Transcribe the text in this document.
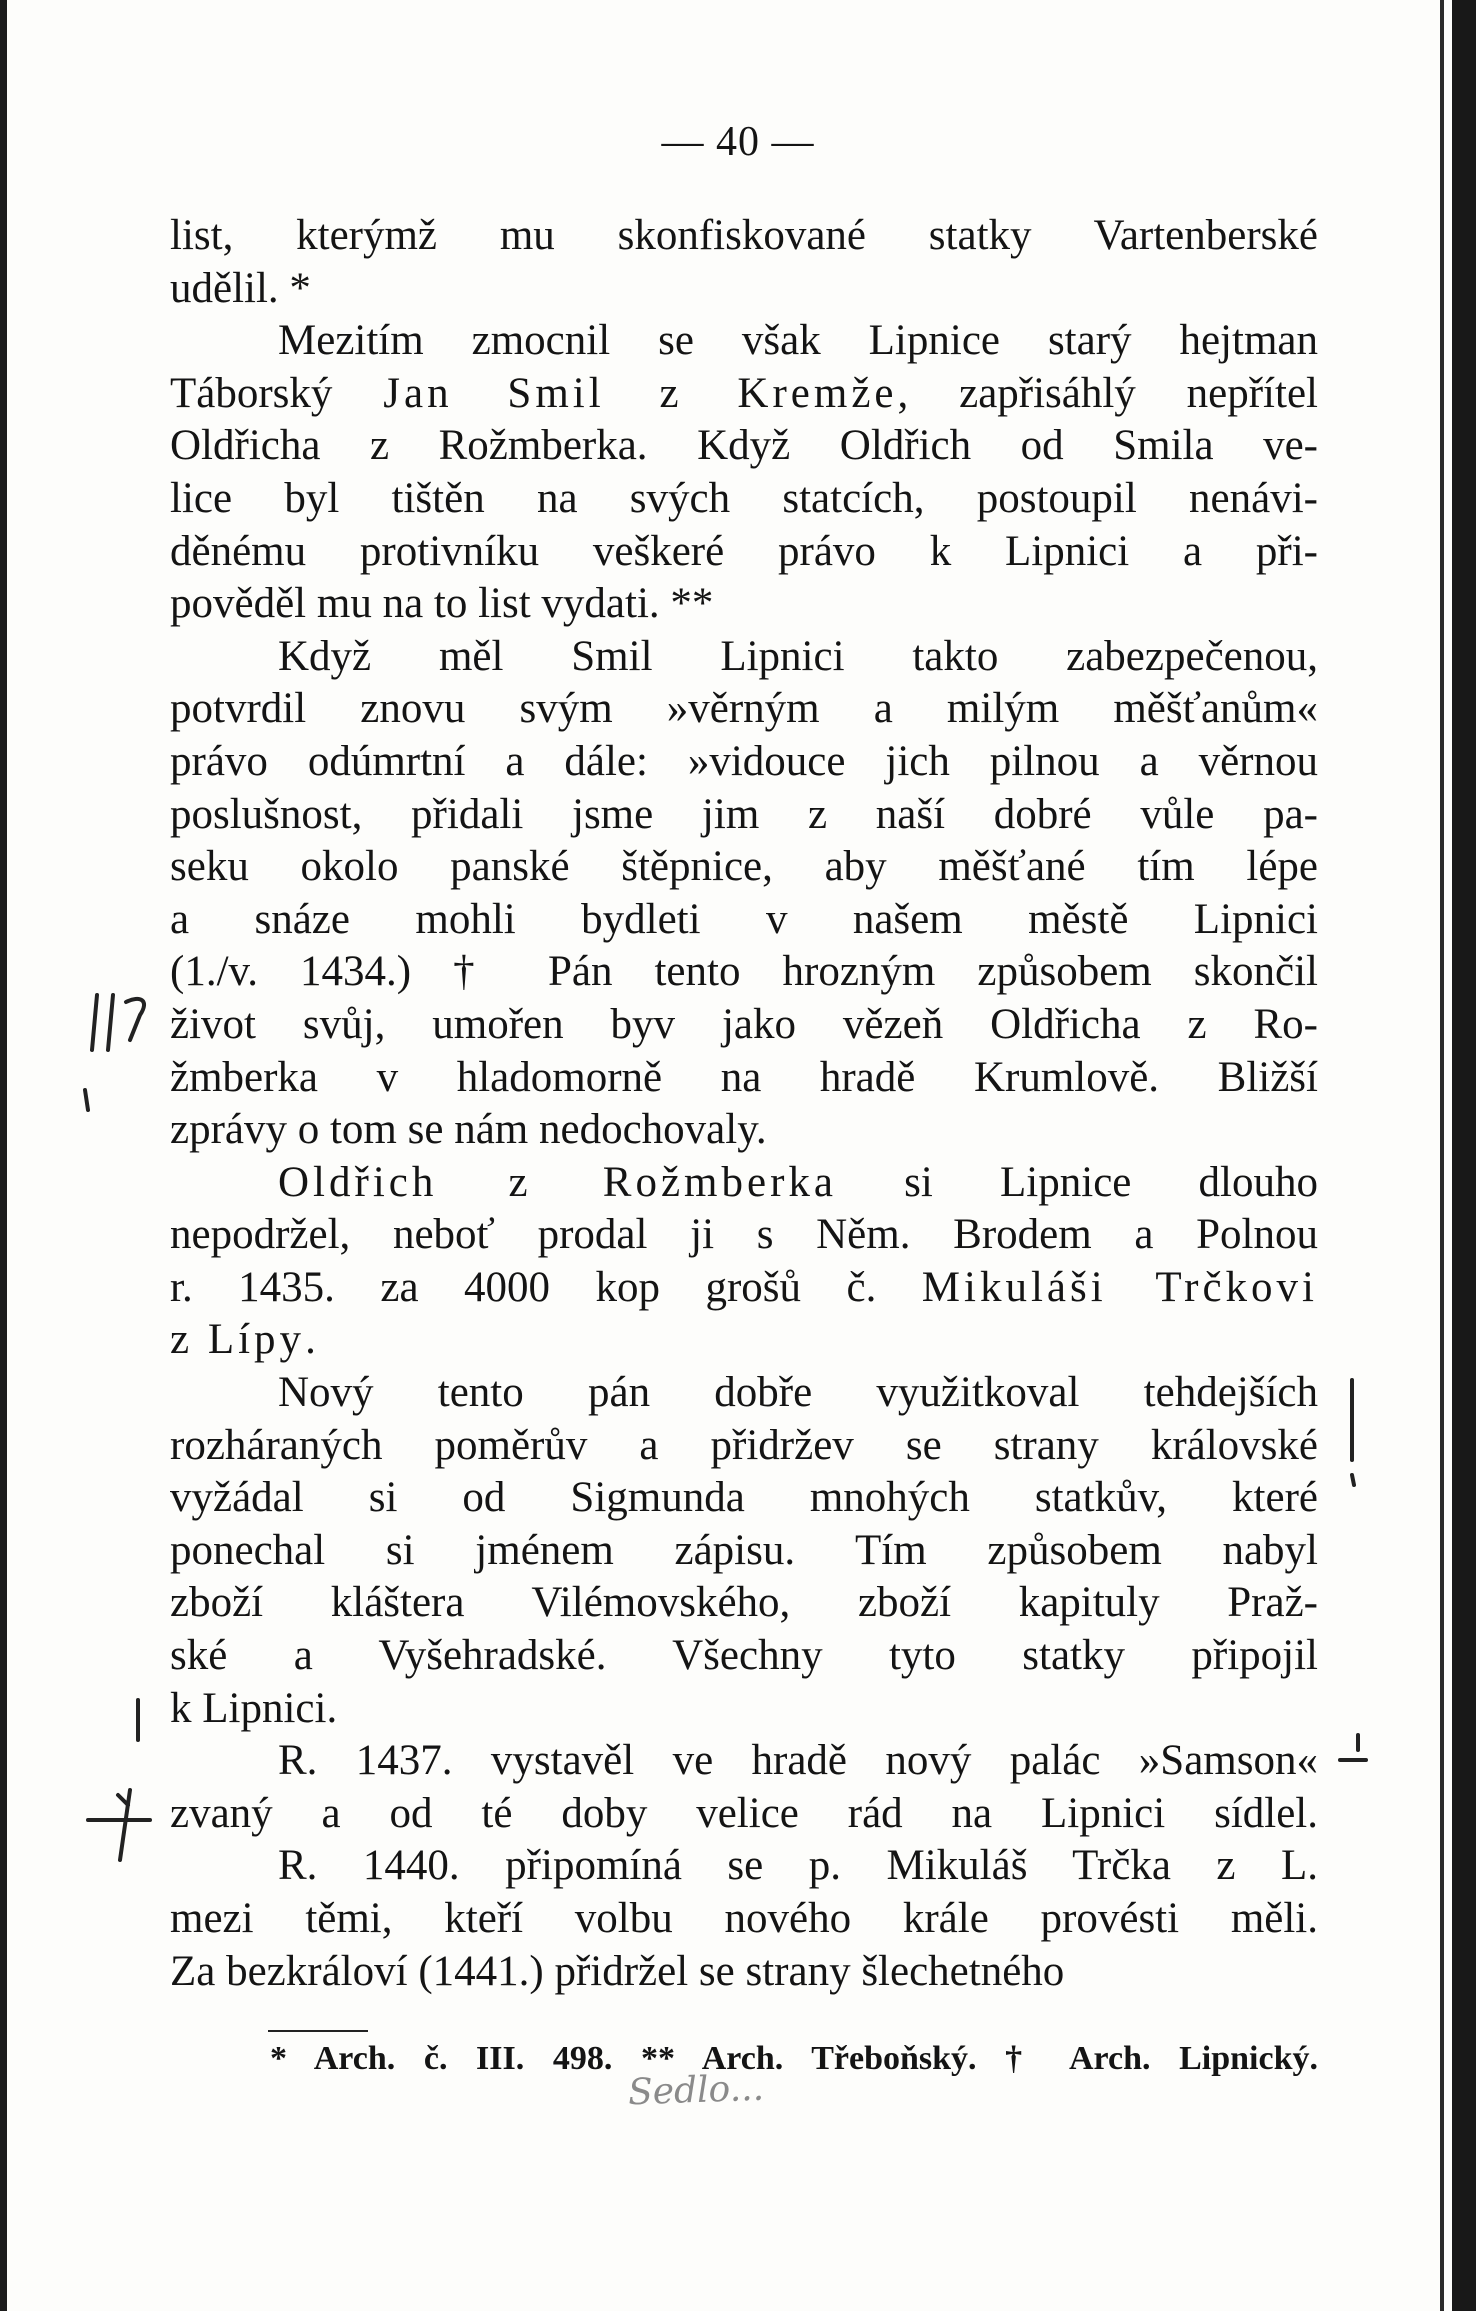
— 40 —
list, kterýmž mu skonfiskované statky Vartenberské
udělil. *
Mezitím zmocnil se však Lipnice starý hejtman
Táborský Jan Smil z Kremže, zapřisáhlý nepřítel
Oldřicha z Rožmberka. Když Oldřich od Smila ve-
lice byl tištěn na svých statcích, postoupil nenávi-
děnému protivníku veškeré právo k Lipnici a při-
pověděl mu na to list vydati. **
Když měl Smil Lipnici takto zabezpečenou,
potvrdil znovu svým »věrným a milým měšťanům«
právo odúmrtní a dále: »vidouce jich pilnou a věrnou
poslušnost, přidali jsme jim z naší dobré vůle pa-
seku okolo panské štěpnice, aby měšťané tím lépe
a snáze mohli bydleti v našem městě Lipnici
(1./v. 1434.) † Pán tento hrozným způsobem skončil
život svůj, umořen byv jako vězeň Oldřicha z Ro-
žmberka v hladomorně na hradě Krumlově. Bližší
zprávy o tom se nám nedochovaly.
Oldřich z Rožmberka si Lipnice dlouho
nepodržel, neboť prodal ji s Něm. Brodem a Polnou
r. 1435. za 4000 kop grošů č. Mikuláši Trčkovi
z Lípy.
Nový tento pán dobře využitkoval tehdejších
rozháraných poměrův a přidržev se strany královské
vyžádal si od Sigmunda mnohých statkův, které
ponechal si jménem zápisu. Tím způsobem nabyl
zboží kláštera Vilémovského, zboží kapituly Praž-
ské a Vyšehradské. Všechny tyto statky připojil
k Lipnici.
R. 1437. vystavěl ve hradě nový palác »Samson«
zvaný a od té doby velice rád na Lipnici sídlel.
R. 1440. připomíná se p. Mikuláš Trčka z L.
mezi těmi, kteří volbu nového krále provésti měli.
Za bezkráloví (1441.) přidržel se strany šlechetného
* Arch. č. III. 498. ** Arch. Třeboňský. † Arch. Lipnický.
Sedlo...
